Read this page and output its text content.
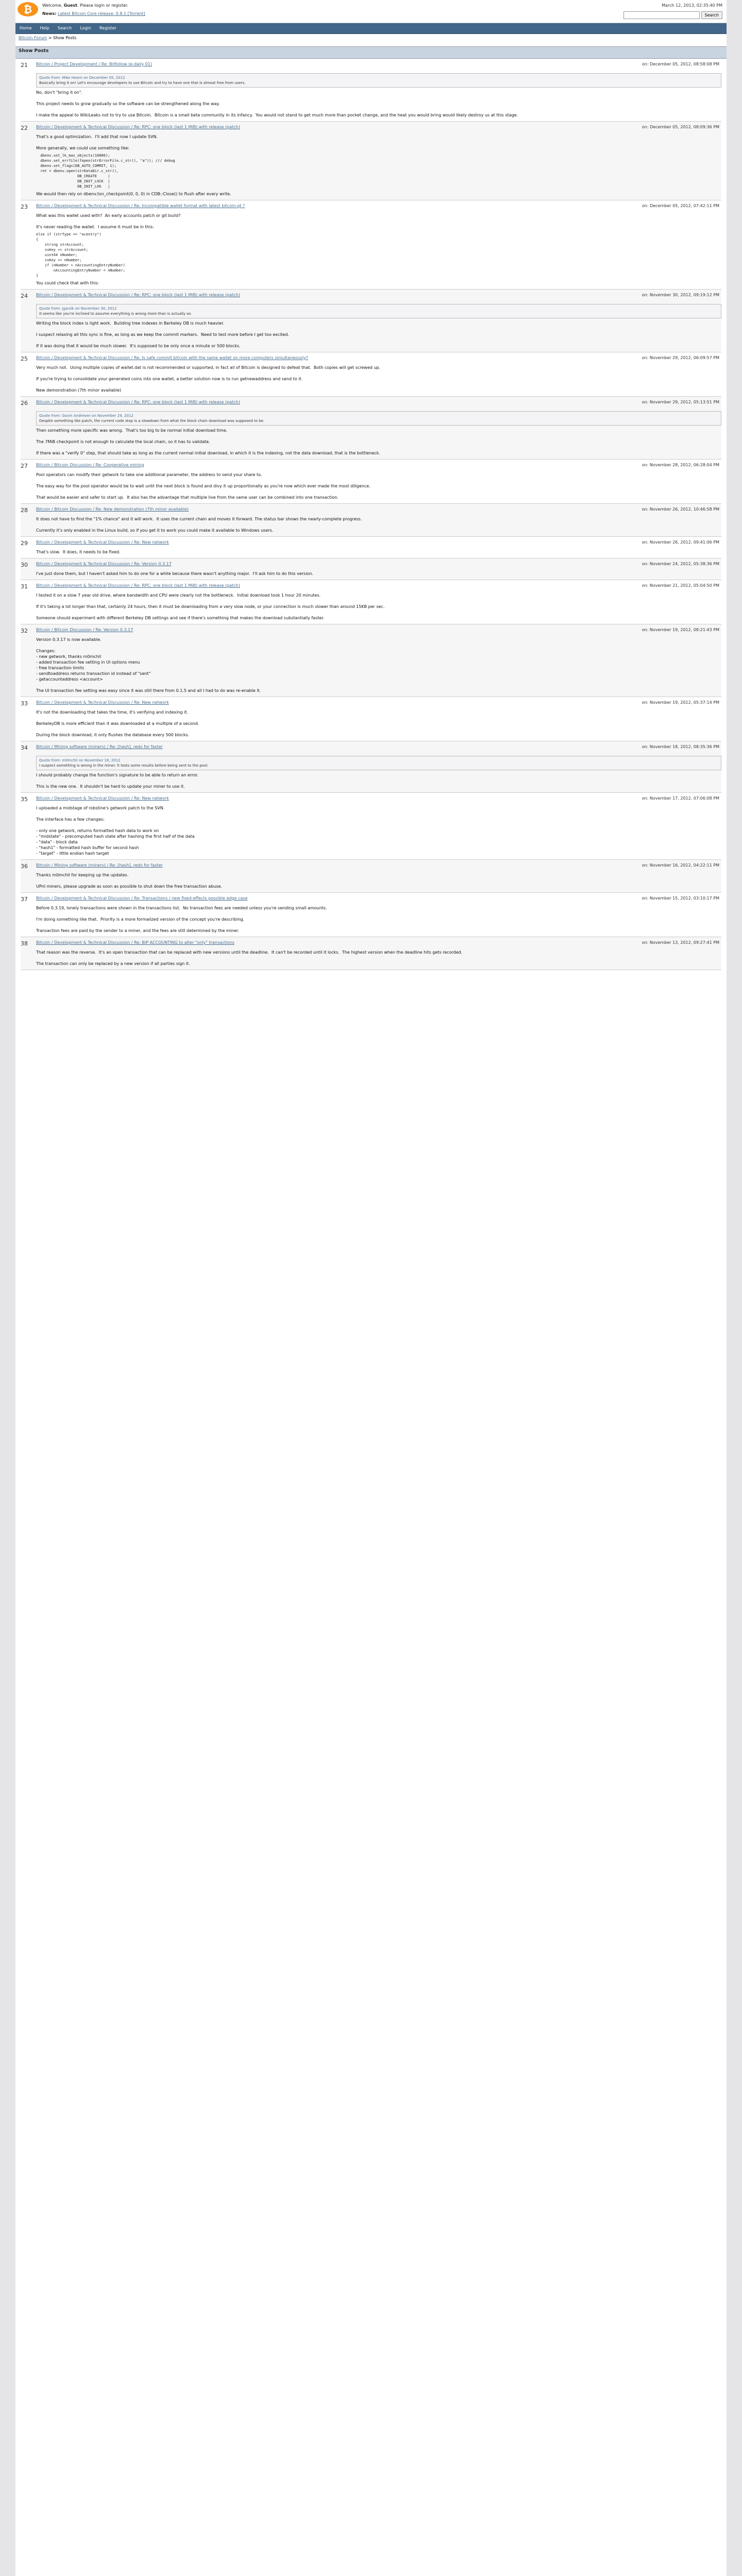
₿	Welcome, Guest. Please login or register.
News: Latest Bitcoin Core release: 0.8.1 [Torrent]
March 12, 2013, 02:35:40 PM
Search
Home Help Search Login Register
Bitcoin Forum > Show Posts
Show Posts
21	Bitcoin / Project Development / Re: Bitfollow (e-daily 01)	on: December 05, 2012, 08:58:08 PM
Quote from: Mike Hearn on December 05, 2012
Basically bring it on! Let's encourage developers to use Bitcoin and try to have one that is almost free from users.
No, don't "bring it on".

This project needs to grow gradually so the software can be strengthened along the way.

I make the appeal to WikiLeaks not to try to use Bitcoin.  Bitcoin is a small beta community in its infancy.  You would not stand to get much more than pocket change, and the heat you would bring would likely destroy us at this stage.
22	Bitcoin / Development & Technical Discussion / Re: RPC: one block (last 1 MiB) with release (patch)	on: December 05, 2012, 08:09:36 PM
That's a good optimization.  I'll add that now I update SVN.

More generally, we could use something like:
dbenv.set_lk_max_objects(10000);
dbenv.set_errfile(fopen(strErrorFile.c_str(), "a")); /// debug
dbenv.set_flags(DB_AUTO_COMMIT, 1);
ret = dbenv.open(strDataDir.c_str(),
DB_CREATE     |
DB_INIT_LOCK  |
DB_INIT_LOG   |
We would then rely on dbenv.txn_checkpoint(0, 0, 0) in CDB::Close() to flush after every write.
23	Bitcoin / Development & Technical Discussion / Re: Incompatible wallet format with latest bitcoin-qt ?	on: December 05, 2012, 07:42:11 PM
What was this wallet used with?  An early accounts patch or git build?

It's never reading the wallet.  I assume it must be in this:
else if (strType == "acentry")
{
string strAccount;
ssKey >> strAccount;
uint64 nNumber;
ssKey >> nNumber;
if (nNumber > nAccountingEntryNumber)
nAccountingEntryNumber = nNumber;
}
You could check that with this:
24	Bitcoin / Development & Technical Discussion / Re: RPC: one block (last 1 MiB) with release (patch)	on: November 30, 2012, 09:19:12 PM
Quote from: jgarzik on November 30, 2012
It seems like you're inclined to assume everything is wrong more than is actually so.
Writing the block index is light work.  Building tree indexes in Berkeley DB is much heavier.

I suspect relaxing all this sync is fine, as long as we keep the commit markers.  Need to test more before I get too excited.

If it was doing that it would be much slower.  It's supposed to be only once a minute or 500 blocks.
25	Bitcoin / Development & Technical Discussion / Re: Is safe commit bitcoin with the same wallet on more computers simultaneously?	on: November 29, 2012, 06:09:57 PM
Very much not.  Using multiple copies of wallet.dat is not recommended or supported, in fact all of Bitcoin is designed to defeat that.  Both copies will get screwed up.

If you're trying to consolidate your generated coins into one wallet, a better solution now is to run getnewaddress and send to it.

New demonstration (7th minor available)
26	Bitcoin / Development & Technical Discussion / Re: RPC: one block (last 1 MiB) with release (patch)	on: November 29, 2012, 05:13:51 PM
Quote from: Gavin Andresen on November 29, 2012
Despite something like patch, the current code stop is a slowdown from what the block chain download was supposed to be.
Then something more specific was wrong.  That's too big to be normal initial download time.

The 7MiB checkpoint is not enough to calculate the local chain, so it has to validate.

If there was a "verify 0" step, that should take as long as the current normal initial download, in which it is the indexing, not the data download, that is the bottleneck.
27	Bitcoin / Bitcoin Discussion / Re: Cooperative mining	on: November 28, 2012, 06:28:04 PM
Pool operators can modify their getwork to take one additional parameter, the address to send your share to.

The easy way for the pool operator would be to wait until the next block is found and divy it up proportionally as you're now which ever made the most diligence.

That would be easier and safer to start up.  It also has the advantage that multiple live from the same user can be combined into one transaction.
28	Bitcoin / Bitcoin Discussion / Re: New demonstration (7th minor available)	on: November 26, 2012, 10:46:58 PM
It does not have to find the "1% chance" and it will work.  It uses the current chain and moves it forward. The status bar shows the nearly-complete progress.

Currently it's only enabled in the Linux build, so if you get it to work you could make it available to Windows users.
29	Bitcoin / Development & Technical Discussion / Re: New network	on: November 26, 2012, 09:41:06 PM
That's slow.  It does, it needs to be fixed.
30	Bitcoin / Development & Technical Discussion / Re: Version 0.3.17	on: November 24, 2012, 05:38:36 PM
I've just done them, but I haven't asked him to do one for a while because there wasn't anything major.  I'll ask him to do this version.
31	Bitcoin / Development & Technical Discussion / Re: RPC: one block (last 1 MiB) with release (patch)	on: November 21, 2012, 05:04:50 PM
I tested it on a slow 7 year old drive, where bandwidth and CPU were clearly not the bottleneck.  Initial download took 1 hour 20 minutes.

If it's taking a lot longer than that, certainly 24 hours, then it must be downloading from a very slow node, or your connection is much slower than around 15KB per sec.

Someone should experiment with different Berkeley DB settings and see if there's something that makes the download substantially faster.
32	Bitcoin / Bitcoin Discussion / Re: Version 0.3.17	on: November 19, 2012, 08:21:43 PM
Version 0.3.17 is now available.

Changes:
- new getwork, thanks m0mchil
- added transaction fee setting in UI options menu
- free transaction limits
- sendtoaddress returns transaction id instead of "sent"
- getaccountaddress <account>

The UI transaction fee setting was easy since it was still there from 0.1.5 and all I had to do was re-enable it.
33	Bitcoin / Development & Technical Discussion / Re: New network	on: November 19, 2012, 05:37:14 PM
It's not the downloading that takes the time, it's verifying and indexing it.

BerkeleyDB is more efficient than it was downloaded at a multiple of a second.

During the block download, it only flushes the database every 500 blocks.
34	Bitcoin / Mining software (miners) / Re: [hash], redo for faster	on: November 18, 2012, 08:35:36 PM
Quote from: m0mchil on November 18, 2012
I suspect something is wrong in the miner. It tests some results before being sent to the pool.
I should probably change the function's signature to be able to return an error.

This is the new one.  It shouldn't be hard to update your miner to use it.
35	Bitcoin / Development & Technical Discussion / Re: New network	on: November 17, 2012, 07:06:08 PM
I uploaded a midstage of robstine's getwork patch to the SVN.

The interface has a few changes:

- only one getwork, returns formatted hash data to work on
- "midstate" - precomputed hash state after hashing the first half of the data
- "data" - block data
- "hash1" - formatted hash buffer for second hash
- "target" - little endian hash target
36	Bitcoin / Mining software (miners) / Re: [hash], redo for faster	on: November 16, 2012, 04:22:11 PM
Thanks m0mchil for keeping up the updates.

UPnI miners, please upgrade as soon as possible to shut down the free transaction abuse.
37	Bitcoin / Development & Technical Discussion / Re: Transactions / new fixed-effects possible edge case	on: November 15, 2012, 03:10:17 PM
Before 0.3.19, lonely transactions were shown in the transactions list.  No transaction fees are needed unless you're sending small amounts.

I'm doing something like that.  Priority is a more formalized version of the concept you're describing.

Transaction fees are paid by the sender to a miner, and the fees are still determined by the miner.
38	Bitcoin / Development & Technical Discussion / Re: BIP ACCOUNTING to alter "only" transactions	on: November 13, 2012, 09:27:41 PM
That reason was the reverse.  It's an open transaction that can be replaced with new versions until the deadline.  It can't be recorded until it locks.  The highest version when the deadline hits gets recorded.

The transaction can only be replaced by a new version if all parties sign it.
